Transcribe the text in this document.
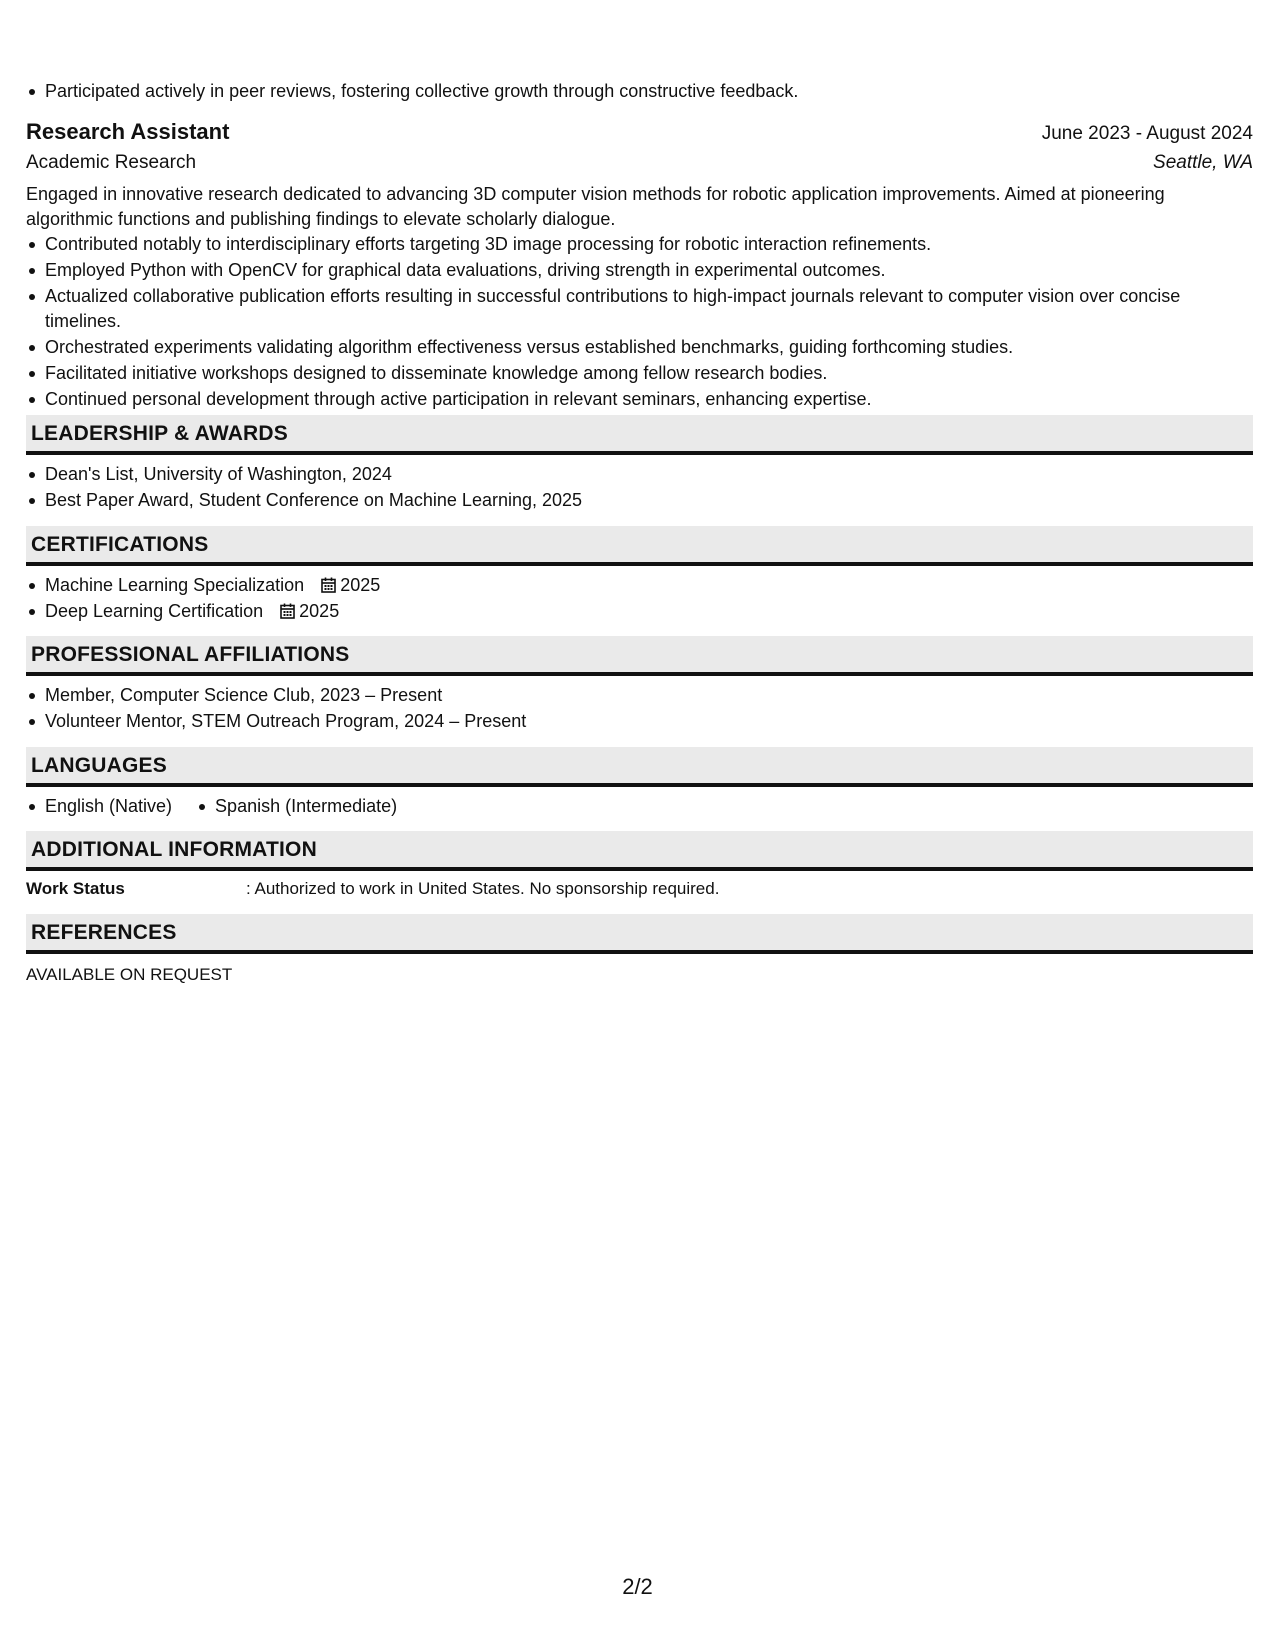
Participated actively in peer reviews, fostering collective growth through constructive feedback.
Research Assistant	June 2023 - August 2024
Academic Research	Seattle, WA

Engaged in innovative research dedicated to advancing 3D computer vision methods for robotic application improvements. Aimed at pioneering algorithmic functions and publishing findings to elevate scholarly dialogue.

Contributed notably to interdisciplinary efforts targeting 3D image processing for robotic interaction refinements.
Employed Python with OpenCV for graphical data evaluations, driving strength in experimental outcomes.
Actualized collaborative publication efforts resulting in successful contributions to high-impact journals relevant to computer vision over concise timelines.
Orchestrated experiments validating algorithm effectiveness versus established benchmarks, guiding forthcoming studies.
Facilitated initiative workshops designed to disseminate knowledge among fellow research bodies.
Continued personal development through active participation in relevant seminars, enhancing expertise.
LEADERSHIP & AWARDS
Dean's List, University of Washington, 2024
Best Paper Award, Student Conference on Machine Learning, 2025
CERTIFICATIONS
Machine Learning Specialization 2025
Deep Learning Certification 2025
PROFESSIONAL AFFILIATIONS
Member, Computer Science Club, 2023 – Present
Volunteer Mentor, STEM Outreach Program, 2024 – Present
LANGUAGES
English (Native)	Spanish (Intermediate)
ADDITIONAL INFORMATION
Work Status	: Authorized to work in United States. No sponsorship required.
REFERENCES
AVAILABLE ON REQUEST
2/2
